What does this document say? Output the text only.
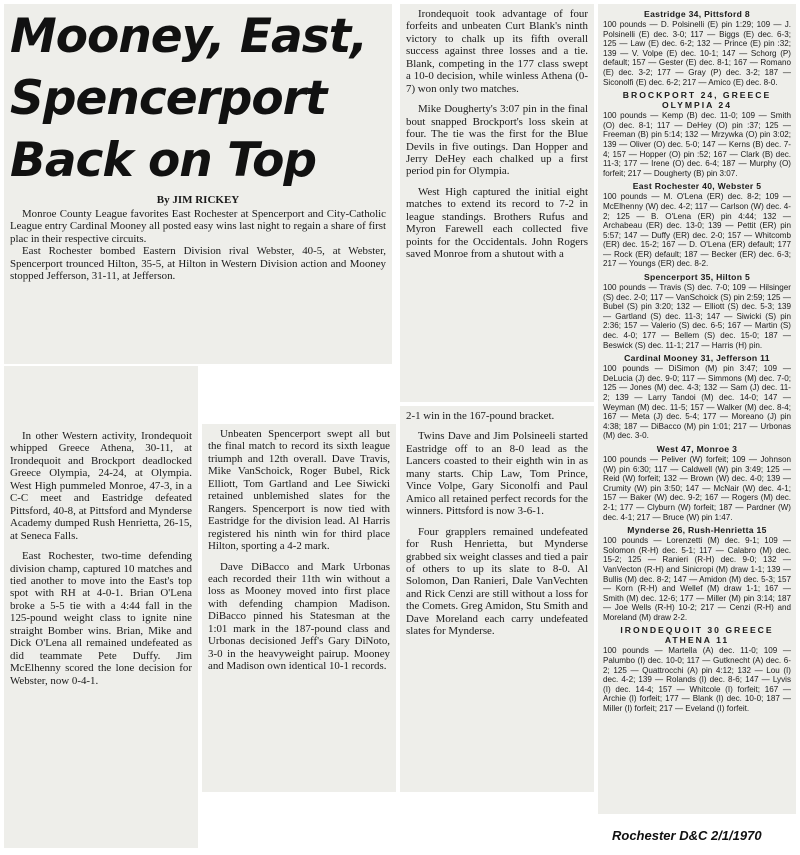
Mooney, East,

Spencerport

Back on Top

By JIM RICKEY

Monroe County League favorites East Rochester at Spencerport and City-Catholic League entry Cardinal Mooney all posted easy wins last night to regain a share of first plac in their respective circuits.

East Rochester bombed Eastern Division rival Webster, 40-5, at Webster, Spencerport trounced Hilton, 35-5, at Hilton in Western Division action and Mooney stopped Jefferson, 31-11, at Jefferson.

In other Western activity, Irondequoit whipped Greece Athena, 30-11, at Irondequoit and Brockport deadlocked Greece Olympia, 24-24, at Olympia. West High pummeled Monroe, 47-3, in a C-C meet and Eastridge defeated Pittsford, 40-8, at Pittsford and Mynderse Academy dumped Rush Henrietta, 26-15, at Seneca Falls.

East Rochester, two-time defending division champ, captured 10 matches and tied another to move into the East's top spot with RH at 4-0-1. Brian O'Lena broke a 5-5 tie with a 4:44 fall in the 125-pound weight class to ignite nine straight Bomber wins. Brian, Mike and Dick O'Lena all remained undefeated as did teammate Pete Duffy. Jim McElhenny scored the lone decision for Webster, now 0-4-1.

Unbeaten Spencerport swept all but the final match to record its sixth league triumph and 12th overall. Dave Travis, Mike VanSchoick, Roger Bubel, Rick Elliott, Tom Gartland and Lee Siwicki retained unblemished slates for the Rangers. Spencerport is now tied with Eastridge for the division lead. Al Harris registered his ninth win for third place Hilton, sporting a 4-2 mark.

Dave DiBacco and Mark Urbonas each recorded their 11th win without a loss as Mooney moved into first place with defending champion Madison. DiBacco pinned his Statesman at the 1:01 mark in the 187-pound class and Urbonas decisioned Jeff's Gary DiNoto, 3-0 in the heavyweight pairup. Mooney and Madison own identical 10-1 records.

Irondequoit took advantage of four forfeits and unbeaten Curt Blank's ninth victory to chalk up its fifth overall success against three losses and a tie. Blank, competing in the 177 class swept a 10-0 decision, while winless Athena (0-7) won only two matches.

Mike Dougherty's 3:07 pin in the final bout snapped Brockport's loss skein at four. The tie was the first for the Blue Devils in five outings. Dan Hopper and Jerry DeHey each chalked up a first period pin for Olympia.

West High captured the initial eight matches to extend its record to 7-2 in league standings. Brothers Rufus and Myron Farewell each collected five points for the Occidentals. John Rogers saved Monroe from a shutout with a

2-1 win in the 167-pound bracket.

Twins Dave and Jim Polsineeli started Eastridge off to an 8-0 lead as the Lancers coasted to their eighth win in as many starts. Chip Law, Tom Prince, Vince Volpe, Gary Siconolfi and Paul Amico all retained perfect records for the winners. Pittsford is now 3-6-1.

Four grapplers remained undefeated for Rush Henrietta, but Mynderse grabbed six weight classes and tied a pair of others to up its slate to 8-0. Al Solomon, Dan Ranieri, Dale VanVechten and Rick Cenzi are still without a loss for the Comets. Greg Amidon, Stu Smith and Dave Moreland each carry undefeated slates for Mynderse.

Eastridge 34, Pittsford 8

100 pounds — D. Polsinelli (E) pin 1:29; 109 — J. Polsinelli (E) dec. 3-0; 117 — Biggs (E) dec. 6-3; 125 — Law (E) dec. 6-2; 132 — Prince (E) pin :32; 139 — V. Volpe (E) dec. 10-1; 147 — Schorg (P) default; 157 — Gester (E) dec. 8-1; 167 — Romano (E) dec. 3-2; 177 — Gray (P) dec. 3-2; 187 — Siconolfi (E) dec. 6-2; 217 — Amico (E) dec. 8-0.

BROCKPORT 24, GREECE OLYMPIA 24

100 pounds — Kemp (B) dec. 11-0; 109 — Smith (O) dec. 8-1; 117 — DeHey (O) pin :37; 125 — Freeman (B) pin 5:14; 132 — Mrzywka (O) pin 3:02; 139 — Oliver (O) dec. 5-0; 147 — Kerns (B) dec. 7-4; 157 — Hopper (O) pin :52; 167 — Clark (B) dec. 11-3; 177 — Irene (O) dec. 6-4; 187 — Murphy (O) forfeit; 217 — Dougherty (B) pin 3:07.

East Rochester 40, Webster 5

100 pounds — M. O'Lena (ER) dec. 8-2; 109 — McElhenny (W) dec. 4-2; 117 — Carlson (W) dec. 4-2; 125 — B. O'Lena (ER) pin 4:44; 132 — Archabeau (ER) dec. 13-0; 139 — Pettit (ER) pin 5:57; 147 — Duffy (ER) dec. 2-0; 157 — Whitcomb (ER) dec. 15-2; 167 — D. O'Lena (ER) default; 177 — Rock (ER) default; 187 — Becker (ER) dec. 6-3; 217 — Youngs (ER) dec. 8-2.

Spencerport 35, Hilton 5

100 pounds — Travis (S) dec. 7-0; 109 — Hilsinger (S) dec. 2-0; 117 — VanSchoick (S) pin 2:59; 125 — Bubel (S) pin 3:20; 132 — Elliott (S) dec. 5-3; 139 — Gartland (S) dec. 11-3; 147 — Siwicki (S) pin 2:36; 157 — Valerio (S) dec. 6-5; 167 — Martin (S) dec. 4-0; 177 — Bellem (S) dec. 15-0; 187 — Beswick (S) dec. 11-1; 217 — Harris (H) pin.

Cardinal Mooney 31, Jefferson 11

100 pounds — DiSimon (M) pin 3:47; 109 — DeLucia (J) dec. 9-0; 117 — Simmons (M) dec. 7-0; 125 — Jones (M) dec. 4-3; 132 — Sam (J) dec. 11-2; 139 — Larry Tandoi (M) dec. 14-0; 147 — Weyman (M) dec. 11-5; 157 — Walker (M) dec. 8-4; 167 — Meta (J) dec. 5-4; 177 — Moreano (J) pin 4:38; 187 — DiBacco (M) pin 1:01; 217 — Urbonas (M) dec. 3-0.

West 47, Monroe 3

100 pounds — Peliver (W) forfeit; 109 — Johnson (W) pin 6:30; 117 — Caldwell (W) pin 3:49; 125 — Reid (W) forfeit; 132 — Brown (W) dec. 4-0; 139 — Crumity (W) pin 3:50; 147 — McNair (W) dec. 4-1; 157 — Baker (W) dec. 9-2; 167 — Rogers (M) dec. 2-1; 177 — Clyburn (W) forfeit; 187 — Pardner (W) dec. 4-1; 217 — Bruce (W) pin 1:47.

Mynderse 26, Rush-Henrietta 15

100 pounds — Lorenzetti (M) dec. 9-1; 109 — Solomon (R-H) dec. 5-1; 117 — Calabro (M) dec. 15-2; 125 — Ranieri (R-H) dec. 9-0; 132 — VanVecton (R-H) and Sinicropi (M) draw 1-1; 139 — Bullis (M) dec. 8-2; 147 — Amidon (M) dec. 5-3; 157 — Korn (R-H) and Wellef (M) draw 1-1; 167 — Smith (M) dec. 12-6; 177 — Miller (M) pin 3:14; 187 — Joe Wells (R-H) 10-2; 217 — Cenzi (R-H) and Moreland (M) draw 2-2.

IRONDEQUOIT 30 GREECE ATHENA 11

100 pounds — Martella (A) dec. 11-0; 109 — Palumbo (I) dec. 10-0; 117 — Gutknecht (A) dec. 6-2; 125 — Quattrocchi (A) pin 4:12; 132 — Lou (I) dec. 4-2; 139 — Rolands (I) dec. 8-6; 147 — Lyvis (I) dec. 14-4; 157 — Whitcole (I) forfeit; 167 — Archie (I) forfeit; 177 — Blank (I) dec. 10-0; 187 — Miller (I) forfeit; 217 — Eveland (I) forfeit.

Rochester D&C 2/1/1970
